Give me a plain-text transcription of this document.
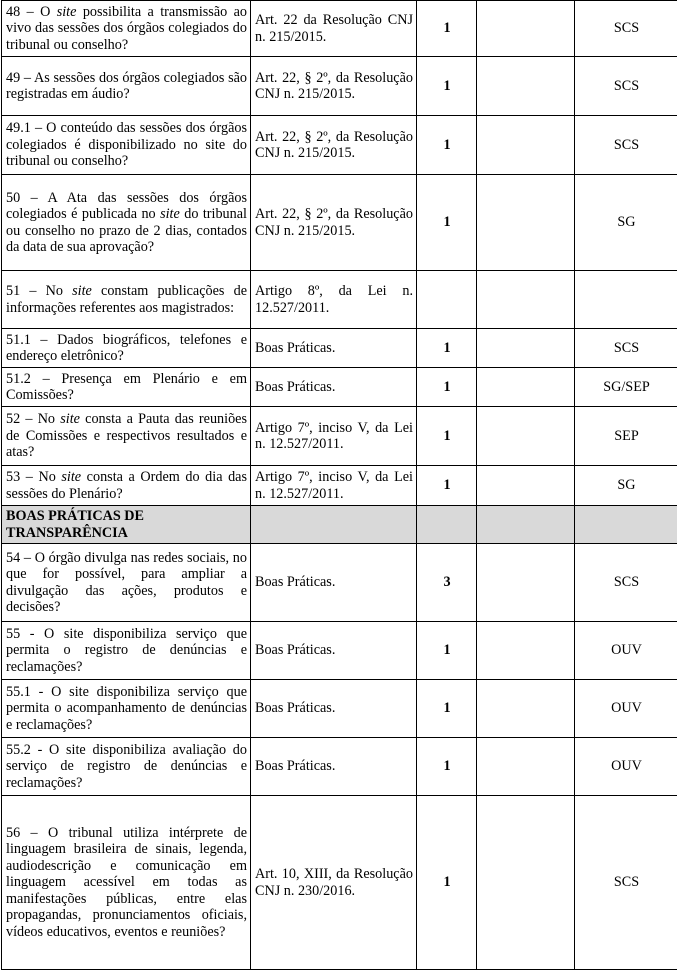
48 – O site possibilita a transmissão ao vivo das sessões dos órgãos colegiados do tribunal ou conselho?	Art. 22 da Resolução CNJ n. 215/2015.	1		SCS
49 – As sessões dos órgãos colegiados são registradas em áudio?	Art. 22, § 2º, da Resolução CNJ n. 215/2015.	1		SCS
49.1 – O conteúdo das sessões dos órgãos colegiados é disponibilizado no site do tribunal ou conselho?	Art. 22, § 2º, da Resolução CNJ n. 215/2015.	1		SCS
50 – A Ata das sessões dos órgãos colegiados é publicada no site do tribunal ou conselho no prazo de 2 dias, contados da data de sua aprovação?	Art. 22, § 2º, da Resolução CNJ n. 215/2015.	1		SG
51 – No site constam publicações de informações referentes aos magistrados:	Artigo 8º, da Lei n. 12.527/2011.			
51.1 – Dados biográficos, telefones e endereço eletrônico?	Boas Práticas.	1		SCS
51.2 – Presença em Plenário e em Comissões?	Boas Práticas.	1		SG/SEP
52 – No site consta a Pauta das reuniões de Comissões e respectivos resultados e atas?	Artigo 7º, inciso V, da Lei n. 12.527/2011.	1		SEP
53 – No site consta a Ordem do dia das sessões do Plenário?	Artigo 7º, inciso V, da Lei n. 12.527/2011.	1		SG
BOAS PRÁTICAS DE TRANSPARÊNCIA				
54 – O órgão divulga nas redes sociais, no que for possível, para ampliar a divulgação das ações, produtos e decisões?	Boas Práticas.	3		SCS
55 - O site disponibiliza serviço que permita o registro de denúncias e reclamações?	Boas Práticas.	1		OUV
55.1 - O site disponibiliza serviço que permita o acompanhamento de denúncias e reclamações?	Boas Práticas.	1		OUV
55.2 - O site disponibiliza avaliação do serviço de registro de denúncias e reclamações?	Boas Práticas.	1		OUV
56 – O tribunal utiliza intérprete de linguagem brasileira de sinais, legenda, audiodescrição e comunicação em linguagem acessível em todas as manifestações públicas, entre elas propagandas, pronunciamentos oficiais, vídeos educativos, eventos e reuniões?	Art. 10, XIII, da Resolução CNJ n. 230/2016.	1		SCS
